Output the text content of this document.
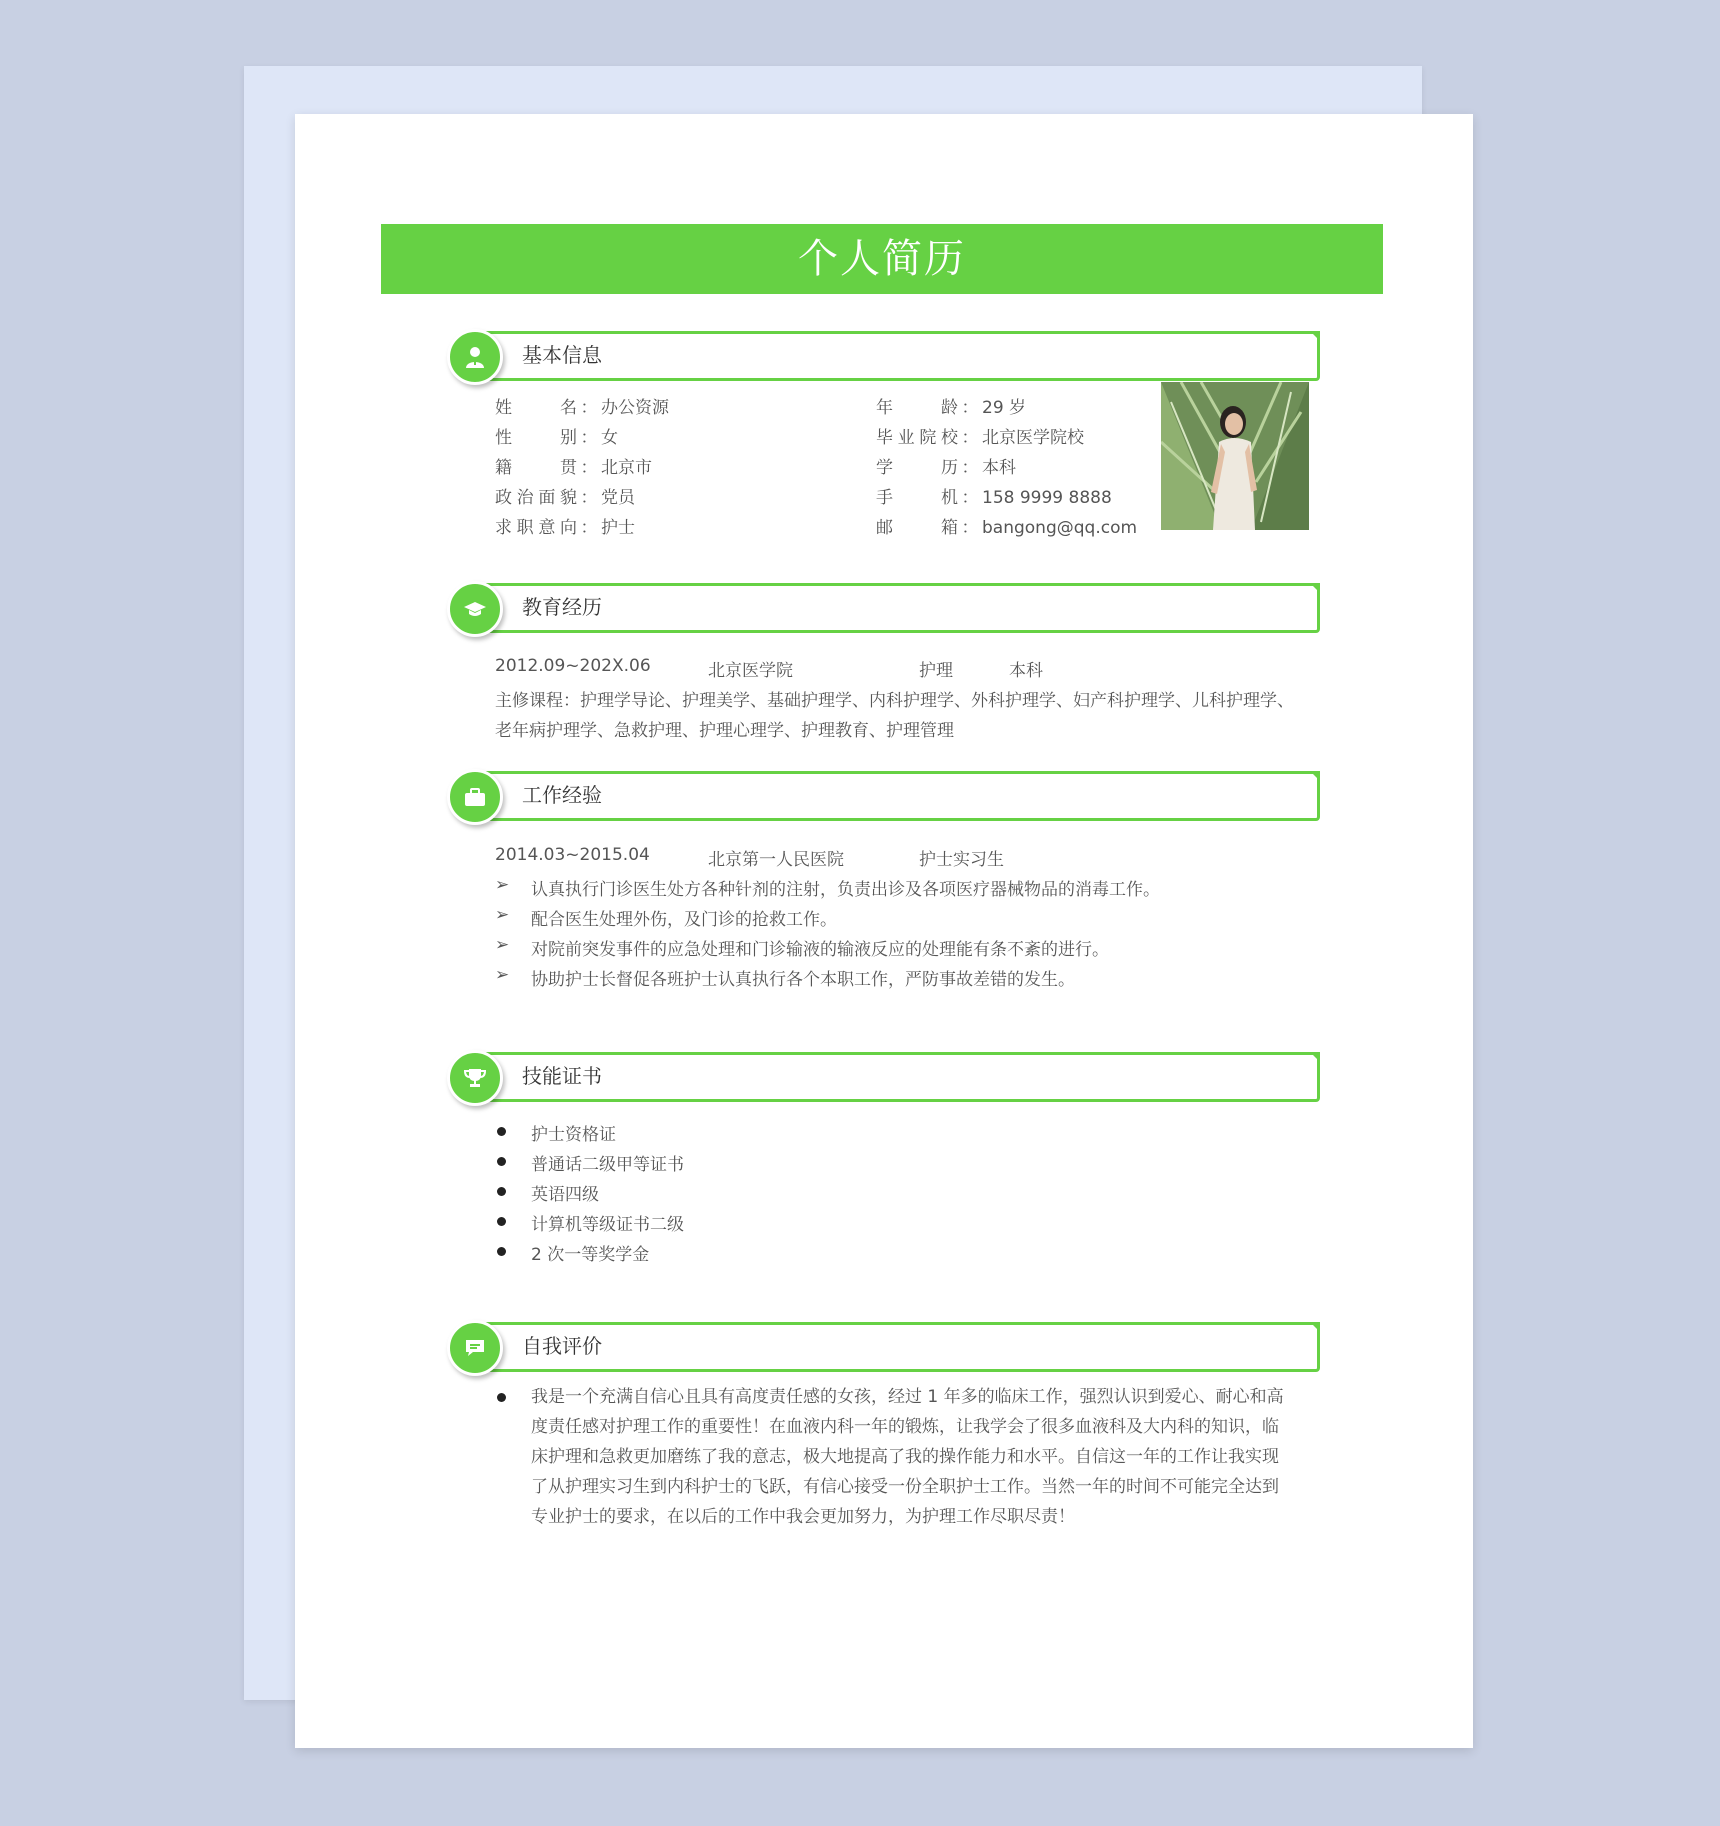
个人简历
基本信息
姓名 ： 办公资源
性别 ： 女
籍贯 ： 北京市
政治面貌 ： 党员
求职意向 ： 护士
年龄 ： 29 岁
毕业院校 ： 北京医学院校
学历 ： 本科
手机 ： 158 9999 8888
邮箱 ： bangong@qq.com
教育经历
2012.09~202X.06	北京医学院	护理	本科
主修课程：护理学导论、护理美学、基础护理学、内科护理学、外科护理学、妇产科护理学、儿科护理学、
老年病护理学、急救护理、护理心理学、护理教育、护理管理
工作经验
2014.03~2015.04	北京第一人民医院	护士实习生
➢ 认真执行门诊医生处方各种针剂的注射，负责出诊及各项医疗器械物品的消毒工作。
➢ 配合医生处理外伤，及门诊的抢救工作。
➢ 对院前突发事件的应急处理和门诊输液的输液反应的处理能有条不紊的进行。
➢ 协助护士长督促各班护士认真执行各个本职工作，严防事故差错的发生。
技能证书
护士资格证
普通话二级甲等证书
英语四级
计算机等级证书二级
2 次一等奖学金
自我评价
我是一个充满自信心且具有高度责任感的女孩，经过 1 年多的临床工作，强烈认识到爱心、耐心和高
度责任感对护理工作的重要性！在血液内科一年的锻炼，让我学会了很多血液科及大内科的知识，临
床护理和急救更加磨练了我的意志，极大地提高了我的操作能力和水平。自信这一年的工作让我实现
了从护理实习生到内科护士的飞跃，有信心接受一份全职护士工作。当然一年的时间不可能完全达到
专业护士的要求，在以后的工作中我会更加努力，为护理工作尽职尽责！
